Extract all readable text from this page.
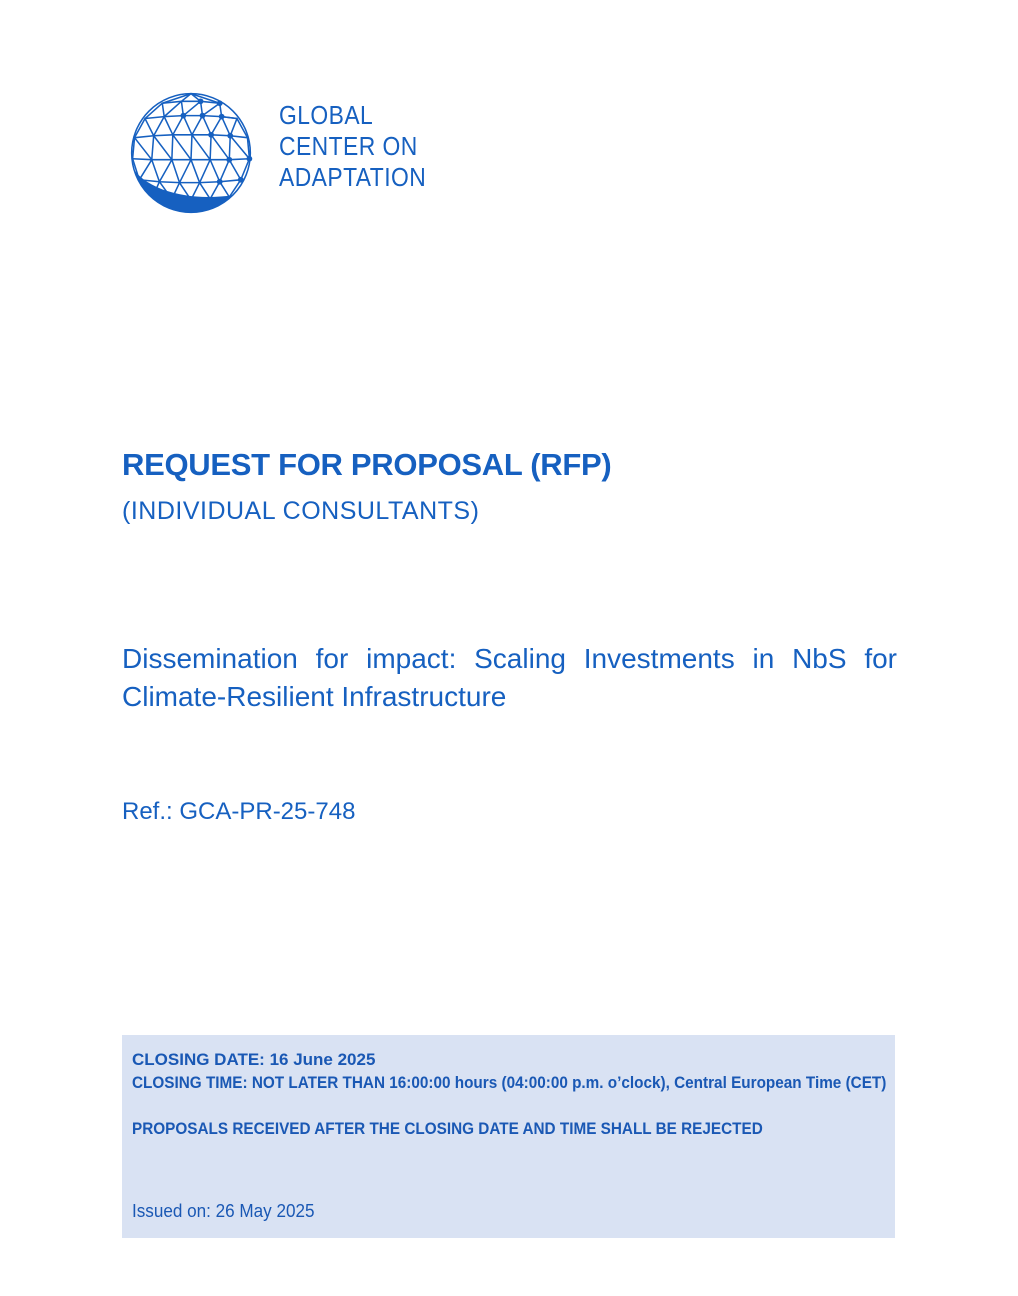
GLOBAL
CENTER ON
ADAPTATION
REQUEST FOR PROPOSAL (RFP)
(INDIVIDUAL CONSULTANTS)
Dissemination for impact: Scaling Investments in NbS for Climate-Resilient Infrastructure
Ref.: GCA-PR-25-748
CLOSING DATE: 16 June 2025
CLOSING TIME: NOT LATER THAN 16:00:00 hours (04:00:00 p.m. o’clock), Central European Time (CET)
PROPOSALS RECEIVED AFTER THE CLOSING DATE AND TIME SHALL BE REJECTED
Issued on: 26 May 2025
